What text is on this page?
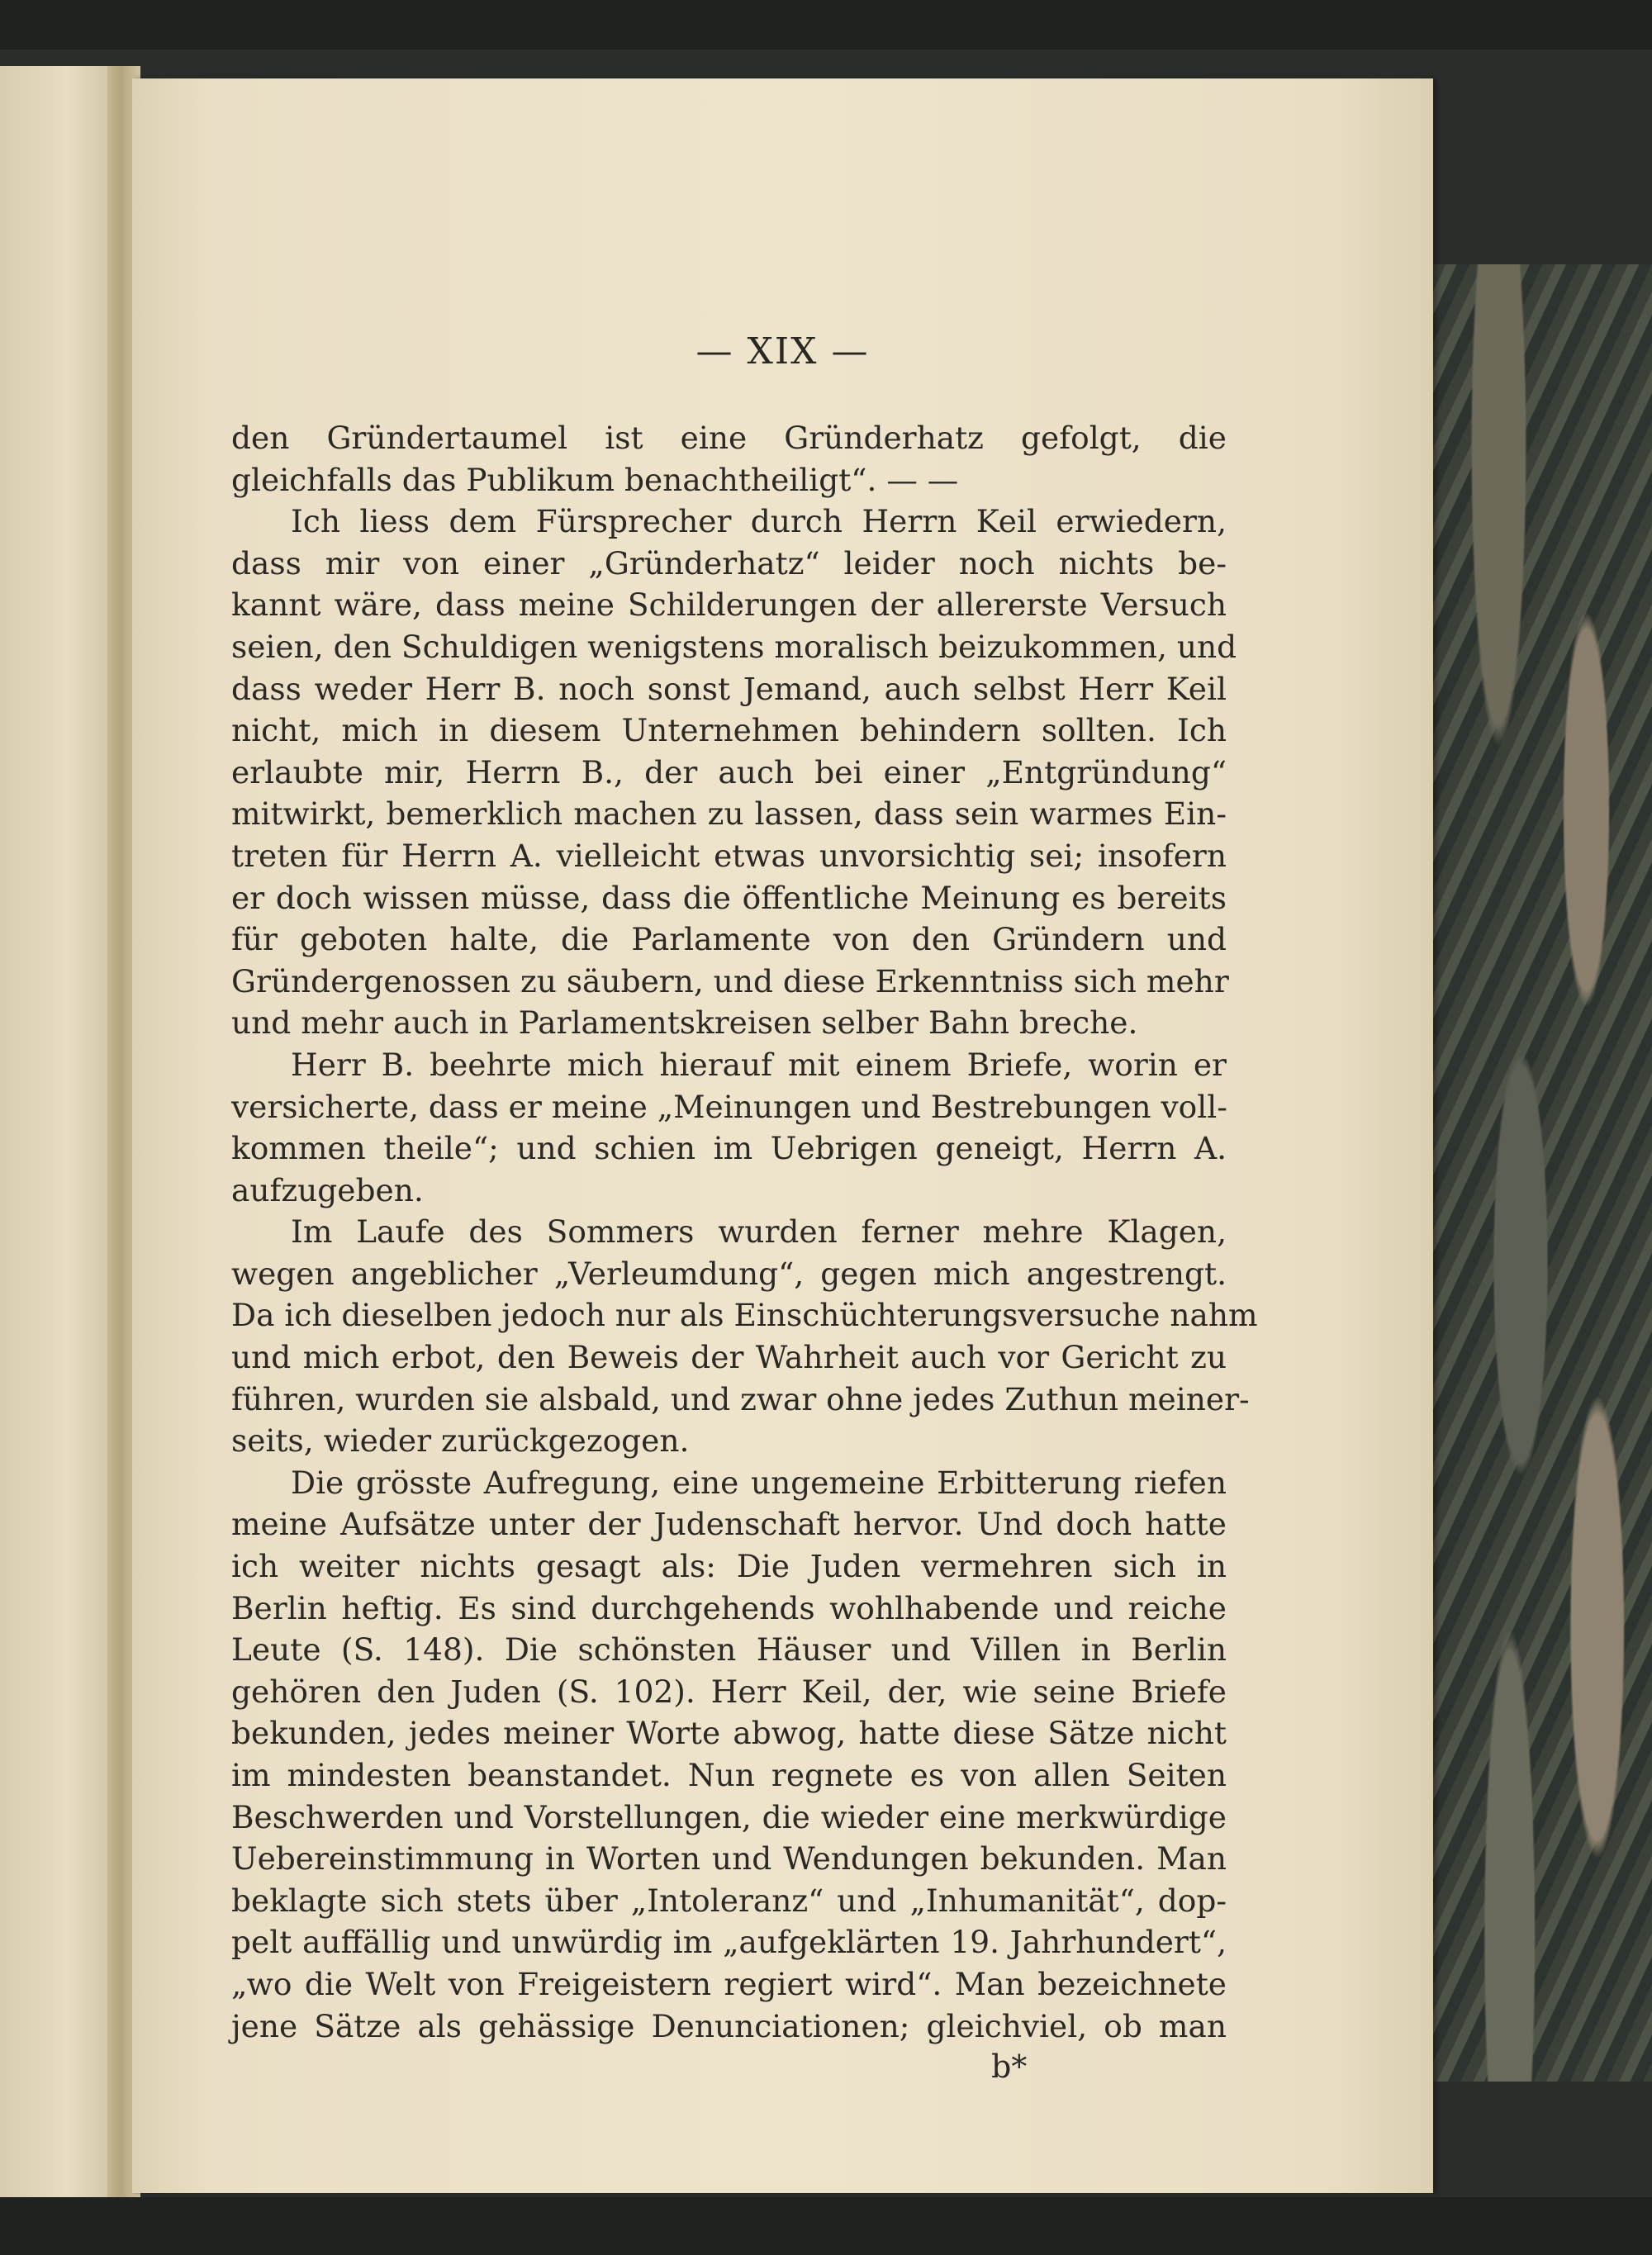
— XIX —
den Gründertaumel ist eine Gründerhatz gefolgt, die
gleichfalls das Publikum benachtheiligt“. — —
Ich liess dem Fürsprecher durch Herrn Keil erwiedern,
dass mir von einer „Gründerhatz“ leider noch nichts be-
kannt wäre, dass meine Schilderungen der allererste Versuch
seien, den Schuldigen wenigstens moralisch beizukommen, und
dass weder Herr B. noch sonst Jemand, auch selbst Herr Keil
nicht, mich in diesem Unternehmen behindern sollten. Ich
erlaubte mir, Herrn B., der auch bei einer „Entgründung“
mitwirkt, bemerklich machen zu lassen, dass sein warmes Ein-
treten für Herrn A. vielleicht etwas unvorsichtig sei; insofern
er doch wissen müsse, dass die öffentliche Meinung es bereits
für geboten halte, die Parlamente von den Gründern und
Gründergenossen zu säubern, und diese Erkenntniss sich mehr
und mehr auch in Parlamentskreisen selber Bahn breche.
Herr B. beehrte mich hierauf mit einem Briefe, worin er
versicherte, dass er meine „Meinungen und Bestrebungen voll-
kommen theile“; und schien im Uebrigen geneigt, Herrn A.
aufzugeben.
Im Laufe des Sommers wurden ferner mehre Klagen,
wegen angeblicher „Verleumdung“, gegen mich angestrengt.
Da ich dieselben jedoch nur als Einschüchterungsversuche nahm
und mich erbot, den Beweis der Wahrheit auch vor Gericht zu
führen, wurden sie alsbald, und zwar ohne jedes Zuthun meiner-
seits, wieder zurückgezogen.
Die grösste Aufregung, eine ungemeine Erbitterung riefen
meine Aufsätze unter der Judenschaft hervor. Und doch hatte
ich weiter nichts gesagt als: Die Juden vermehren sich in
Berlin heftig. Es sind durchgehends wohlhabende und reiche
Leute (S. 148). Die schönsten Häuser und Villen in Berlin
gehören den Juden (S. 102). Herr Keil, der, wie seine Briefe
bekunden, jedes meiner Worte abwog, hatte diese Sätze nicht
im mindesten beanstandet. Nun regnete es von allen Seiten
Beschwerden und Vorstellungen, die wieder eine merkwürdige
Uebereinstimmung in Worten und Wendungen bekunden. Man
beklagte sich stets über „Intoleranz“ und „Inhumanität“, dop-
pelt auffällig und unwürdig im „aufgeklärten 19. Jahrhundert“,
„wo die Welt von Freigeistern regiert wird“. Man bezeichnete
jene Sätze als gehässige Denunciationen; gleichviel, ob man
b*
